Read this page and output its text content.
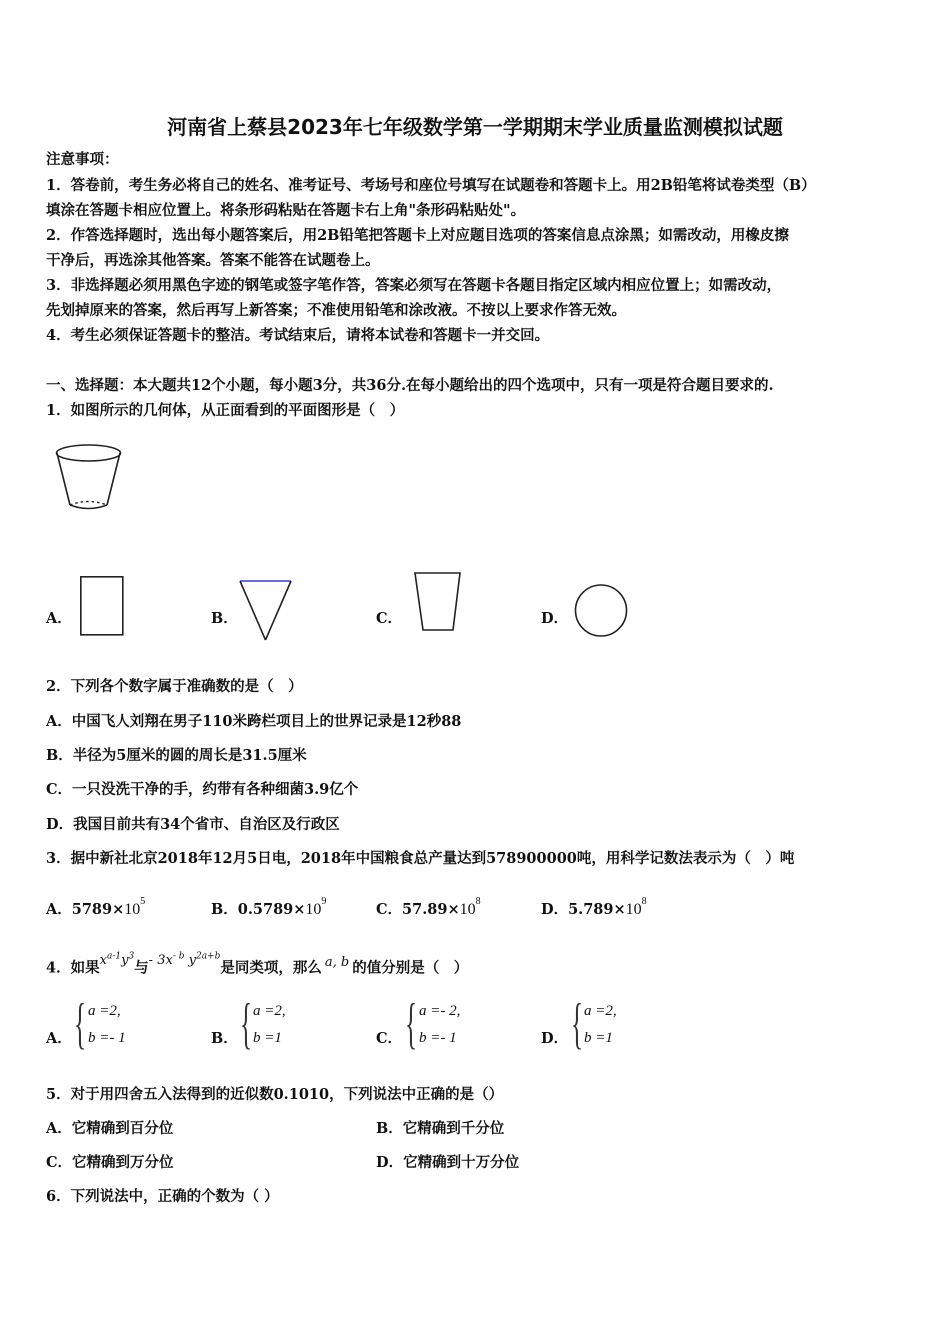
河南省上蔡县2023年七年级数学第一学期期末学业质量监测模拟试题
注意事项：
1．答卷前，考生务必将自己的姓名、准考证号、考场号和座位号填写在试题卷和答题卡上。用2B铅笔将试卷类型（B）
填涂在答题卡相应位置上。将条形码粘贴在答题卡右上角"条形码粘贴处"。
2．作答选择题时，选出每小题答案后，用2B铅笔把答题卡上对应题目选项的答案信息点涂黑；如需改动，用橡皮擦
干净后，再选涂其他答案。答案不能答在试题卷上。
3．非选择题必须用黑色字迹的钢笔或签字笔作答，答案必须写在答题卡各题目指定区域内相应位置上；如需改动，
先划掉原来的答案，然后再写上新答案；不准使用铅笔和涂改液。不按以上要求作答无效。
4．考生必须保证答题卡的整洁。考试结束后，请将本试卷和答题卡一并交回。
一、选择题：本大题共12个小题，每小题3分，共36分.在每小题给出的四个选项中，只有一项是符合题目要求的.
1．如图所示的几何体，从正面看到的平面图形是（　）
A．	B．	C．	D．
2．下列各个数字属于准确数的是（　）
A．中国飞人刘翔在男子110米跨栏项目上的世界记录是12秒88
B．半径为5厘米的圆的周长是31.5厘米
C．一只没洗干净的手，约带有各种细菌3.9亿个
D．我国目前共有34个省市、自治区及行政区
3．据中新社北京2018年12月5日电，2018年中国粮食总产量达到578900000吨，用科学记数法表示为（　）吨
A．$5789\times 10^5$	B．$0.5789\times 10^9$	C．$57.89\times 10^8$	D．$5.789\times 10^8$
4．如果$x^{a-1}y^3$与- $3x^{- b}$ $y^{2a+b}$是同类项，那么 a, b 的值分别是（　）
A． { a =2,
b =- 1	B． { a =2,
b =1	C． { a =- 2,
b =- 1	D． { a =2,
b =1
5．对于用四舍五入法得到的近似数0.1010，下列说法中正确的是（）
A．它精确到百分位	B．它精确到千分位
C．它精确到万分位	D．它精确到十万分位
6．下列说法中，正确的个数为（ ）
